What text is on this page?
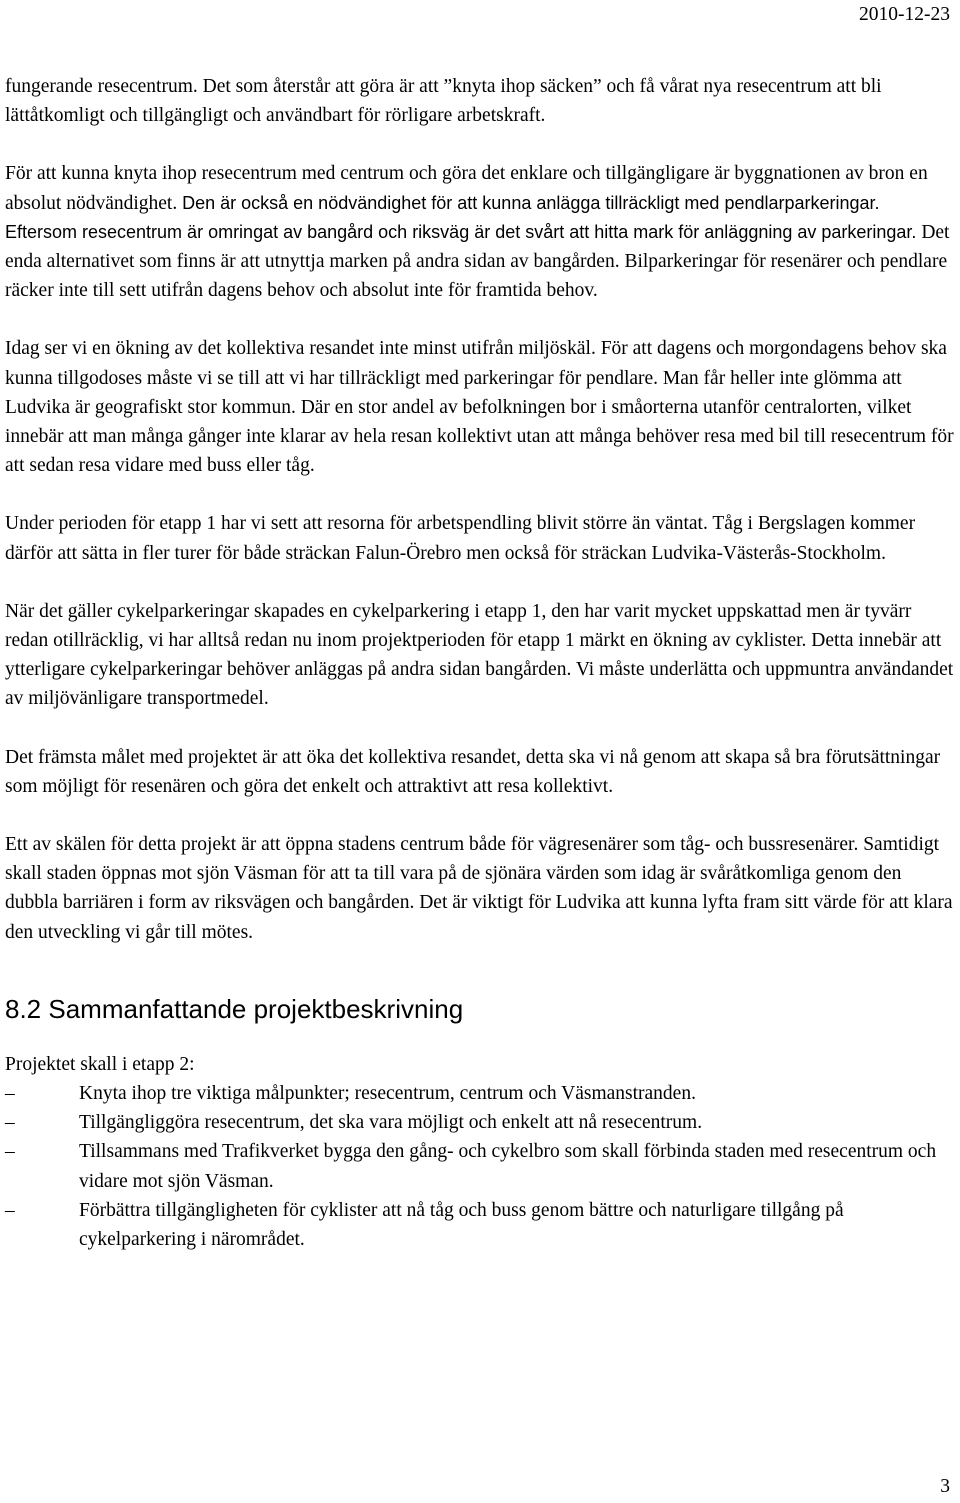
2010-12-23

fungerande resecentrum. Det som återstår att göra är att ”knyta ihop säcken” och få vårat nya resecentrum att bli lättåtkomligt och tillgängligt och användbart för rörligare arbetskraft.

För att kunna knyta ihop resecentrum med centrum och göra det enklare och tillgängligare är byggnationen av bron en absolut nödvändighet. Den är också en nödvändighet för att kunna anlägga tillräckligt med pendlarparkeringar. Eftersom resecentrum är omringat av bangård och riksväg är det svårt att hitta mark för anläggning av parkeringar. Det enda alternativet som finns är att utnyttja marken på andra sidan av bangården. Bilparkeringar för resenärer och pendlare räcker inte till sett utifrån dagens behov och absolut inte för framtida behov.

Idag ser vi en ökning av det kollektiva resandet inte minst utifrån miljöskäl. För att dagens och morgondagens behov ska kunna tillgodoses måste vi se till att vi har tillräckligt med parkeringar för pendlare. Man får heller inte glömma att Ludvika är geografiskt stor kommun. Där en stor andel av befolkningen bor i småorterna utanför centralorten, vilket innebär att man många gånger inte klarar av hela resan kollektivt utan att många behöver resa med bil till resecentrum för att sedan resa vidare med buss eller tåg.

Under perioden för etapp 1 har vi sett att resorna för arbetspendling blivit större än väntat. Tåg i Bergslagen kommer därför att sätta in fler turer för både sträckan Falun-Örebro men också för sträckan Ludvika-Västerås-Stockholm.

När det gäller cykelparkeringar skapades en cykelparkering i etapp 1, den har varit mycket uppskattad men är tyvärr redan otillräcklig, vi har alltså redan nu inom projektperioden för etapp 1 märkt en ökning av cyklister. Detta innebär att ytterligare cykelparkeringar behöver anläggas på andra sidan bangården. Vi måste underlätta och uppmuntra användandet av miljövänligare transportmedel.

Det främsta målet med projektet är att öka det kollektiva resandet, detta ska vi nå genom att skapa så bra förutsättningar som möjligt för resenären och göra det enkelt och attraktivt att resa kollektivt.

Ett av skälen för detta projekt är att öppna stadens centrum både för vägresenärer som tåg- och bussresenärer. Samtidigt skall staden öppnas mot sjön Väsman för att ta till vara på de sjönära värden som idag är svåråtkomliga genom den dubbla barriären i form av riksvägen och bangården. Det är viktigt för Ludvika att kunna lyfta fram sitt värde för att klara den utveckling vi går till mötes.

8.2 Sammanfattande projektbeskrivning

Projektet skall i etapp 2:

–	Knyta ihop tre viktiga målpunkter; resecentrum, centrum och Väsmanstranden.
–	Tillgängliggöra resecentrum, det ska vara möjligt och enkelt att nå resecentrum.
–	Tillsammans med Trafikverket bygga den gång- och cykelbro som skall förbinda staden med resecentrum och vidare mot sjön Väsman.
–	Förbättra tillgängligheten för cyklister att nå tåg och buss genom bättre och naturligare tillgång på cykelparkering i närområdet.
3
